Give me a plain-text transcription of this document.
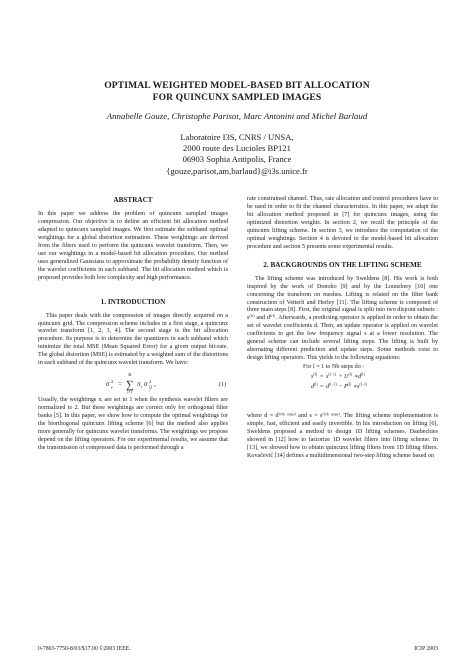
OPTIMAL WEIGHTED MODEL-BASED BIT ALLOCATION
FOR QUINCUNX SAMPLED IMAGES
Annabelle Gouze, Christophe Parisot, Marc Antonini and Michel Barlaud
Laboratoire I3S, CNRS / UNSA,
2000 route des Lucioles BP121
06903 Sophia Antipolis, France
{gouze,parisot,am,barlaud}@i3s.unice.fr

ABSTRACT

In this paper we address the problem of quincunx sampled images compression. Our objective is to define an efficient bit allocation method adapted to quincunx sampled images. We first estimate the subband optimal weightings for a global distortion estimation. These weightings are derived from the filters used to perform the quincunx wavelet transform. Then, we use our weightings in a model-based bit allocation procedure. Our method uses generalized Gaussians to approximate the probability density function of the wavelet coefficients in each subband. The bit allocation method which is proposed provides both low complexity and high performance.

1. INTRODUCTION

This paper deals with the compression of images directly acquired on a quincunx grid. The compression scheme includes in a first stage, a quincunx wavelet transform [1, 2, 3, 4]. The second stage is the bit allocation procedure. Its purpose is to determine the quantizers in each subband which minimize the total MSE (Mean Squared Error) for a given output bit-rate. The global distortion (MSE) is estimated by a weighted sum of the distortions in each subband of the quincunx wavelet transform. We have:

σ 2
e = ∑
M
i=1
π i σ 2
Q
i
,	(1)

Usually, the weightings πᵢ are set to 1 when the synthesis wavelet filters are normalized to 2. But these weightings are correct only for orthogonal filter banks [5]. In this paper, we show how to compute the optimal weightings for the biorthogonal quincunx lifting scheme [6] but the method also applies more generally for quincunx wavelet transforms. The weightings we propose depend on the lifting operators. For our experimental results, we assume that the transmission of compressed data is performed through a

rate constrained channel. Thus, rate allocation and control procedures have to be used in order to fit the channel characteristics. In this paper, we adapt the bit allocation method proposed in [7] for quincunx images, using the optimized distortion weights. In section 2, we recall the principle of the quincunx lifting scheme. In section 3, we introduce the computation of the optimal weightings. Section 4 is devoted to the model-based bit allocation procedure and section 5 presents some experimental results.

2. BACKGROUNDS ON THE LIFTING SCHEME

The lifting scheme was introduced by Sweldens [8]. His work is both inspired by the work of Donoho [9] and by the Lounsbery [10] one concerning the transform on meshes. Lifting is related on the filter bank construction of Vetterli and Herley [11]. The lifting scheme is composed of three main steps [8]. First, the original signal is split into two disjoint subsets : s⁽⁰⁾ and d⁽⁰⁾. Afterwards, a predicting operator is applied in order to obtain the set of wavelet coefficients d. Then, an update operator is applied on wavelet coefficients to get the low frequency signal s at a lower resolution. The general scheme can include several lifting steps. The lifting is built by alternating different prediction and update steps. Some methods exist to design lifting operators. This yields to the following equations:

For l = 1 to Nb steps do :

s (l) = s (l−1) + U (l) ∗ d (l)
d (l) = d (l−1) − P (l) ∗ s (l−1)

where d = d⁽ᴺᵇ ˢᵗᵉᵖˢ⁾ and s = s⁽ᴺᵇ ˢᵗᵉᵖˢ⁾. The lifting scheme implementation is simple, fast, efficient and easily invertible. In his introduction on lifting [6], Sweldens proposed a method to design 1D lifting schemes. Daubechies showed in [12] how to factorize 1D wavelet filters into lifting scheme. In [13], we showed how to obtain quincunx lifting filters from 1D lifting filters. Kovačević [14] defines a multidimensional two-step lifting scheme based on

0-7803-7750-8/03/$17.00 ©2003 IEEE.	ICIP 2003
